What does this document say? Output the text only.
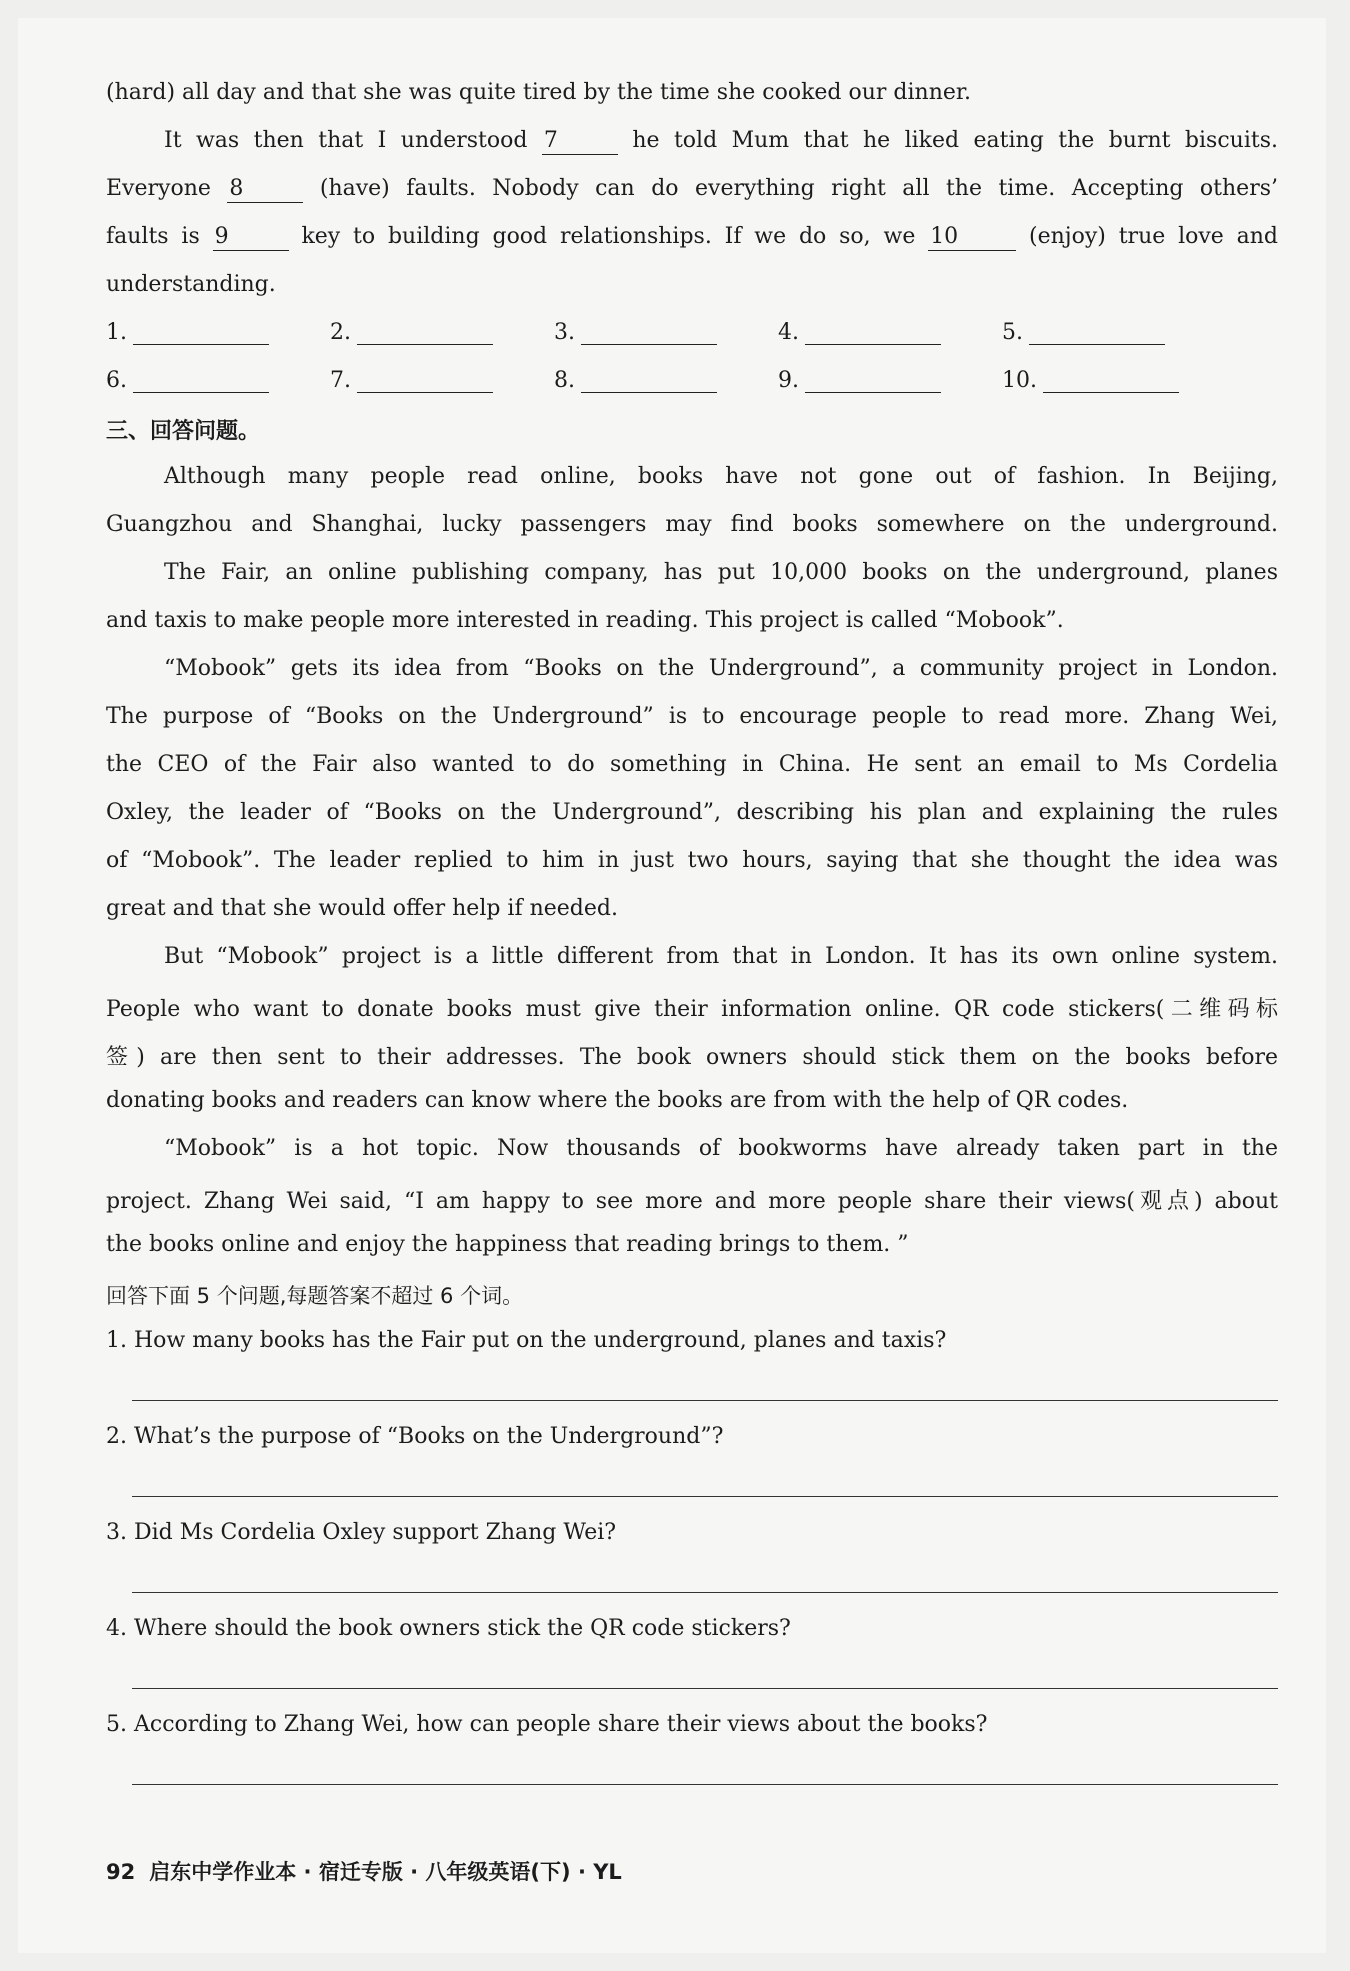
(hard) all day and that she was quite tired by the time she cooked our dinner.
It was then that I understood 7	he told Mum that he liked eating the burnt biscuits.
Everyone 8	(have) faults. Nobody can do everything right all the time. Accepting others’
faults is 9	key to building good relationships. If we do so, we 10	(enjoy) true love and
understanding.
1.	2.	3.	4.	5.
6.	7.	8.	9.	10.
三、回答问题。
Although many people read online, books have not gone out of fashion. In Beijing,
Guangzhou and Shanghai, lucky passengers may find books somewhere on the underground.
The Fair, an online publishing company, has put 10,000 books on the underground, planes
and taxis to make people more interested in reading. This project is called “Mobook”.
“Mobook” gets its idea from “Books on the Underground”, a community project in London.
The purpose of “Books on the Underground” is to encourage people to read more. Zhang Wei,
the CEO of the Fair also wanted to do something in China. He sent an email to Ms Cordelia
Oxley, the leader of “Books on the Underground”, describing his plan and explaining the rules
of “Mobook”. The leader replied to him in just two hours, saying that she thought the idea was
great and that she would offer help if needed.
But “Mobook” project is a little different from that in London. It has its own online system.
People who want to donate books must give their information online. QR code stickers(二维码标
签) are then sent to their addresses. The book owners should stick them on the books before
donating books and readers can know where the books are from with the help of QR codes.
“Mobook” is a hot topic. Now thousands of bookworms have already taken part in the
project. Zhang Wei said, “I am happy to see more and more people share their views(观点) about
the books online and enjoy the happiness that reading brings to them. ”
回答下面 5 个问题,每题答案不超过 6 个词。
1. How many books has the Fair put on the underground, planes and taxis?
2. What’s the purpose of “Books on the Underground”?
3. Did Ms Cordelia Oxley support Zhang Wei?
4. Where should the book owners stick the QR code stickers?
5. According to Zhang Wei, how can people share their views about the books?
92 启东中学作业本 · 宿迁专版 · 八年级英语(下) · YL
